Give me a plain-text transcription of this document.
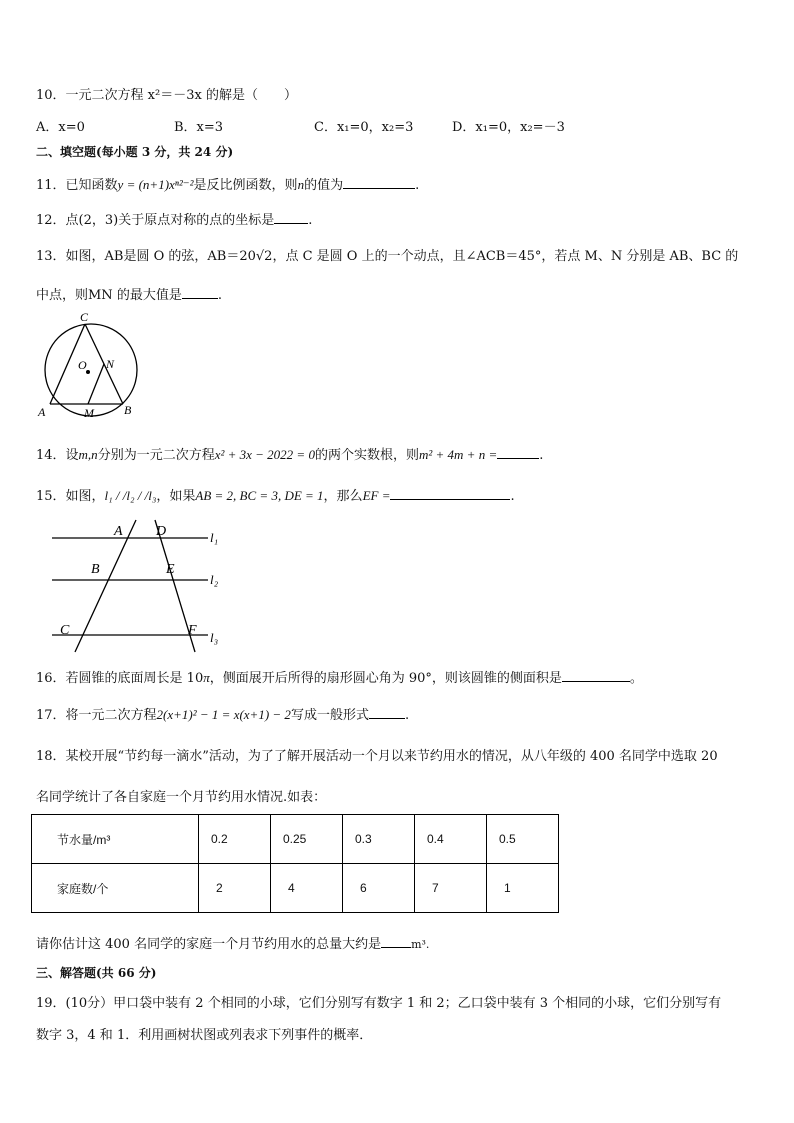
10．一元二次方程 x²＝－3x 的解是（　　）
A．x=0	B．x=3	C．x₁=0，x₂=3	D．x₁=0，x₂=－3
二、填空题(每小题 3 分，共 24 分)
11．已知函数y = (n+1)xⁿ²⁻²是反比例函数，则n的值为	.
12．点(2，3)关于原点对称的点的坐标是	.
13．如图，AB是圆 O 的弦，AB＝20√2，点 C 是圆 O 上的一个动点，且∠ACB＝45°，若点 M、N 分别是 AB、BC 的
中点，则MN 的最大值是	.
C
O N
A	M	B
14．设m,n分别为一元二次方程x² + 3x − 2022 = 0的两个实数根，则m² + 4m + n =	.
15．如图，l₁ / /l₂ / /l₃，如果AB = 2, BC = 3, DE = 1，那么EF =	.
A D	l₁
B	E
l₂
C	F l₃
16．若圆锥的底面周长是 10π，侧面展开后所得的扇形圆心角为 90°，则该圆锥的侧面积是	。
17．将一元二次方程2(x+1)² − 1 = x(x+1) − 2写成一般形式	.
18．某校开展“节约每一滴水”活动，为了了解开展活动一个月以来节约用水的情况，从八年级的 400 名同学中选取 20
名同学统计了各自家庭一个月节约用水情况.如表：
节水量/m³	0.2	0.25	0.3	0.4	0.5
家庭数/个	2	4	6	7	1
请你估计这 400 名同学的家庭一个月节约用水的总量大约是	m³.
三、解答题(共 66 分)
19．(10分）甲口袋中装有 2 个相同的小球，它们分别写有数字 1 和 2；乙口袋中装有 3 个相同的小球，它们分别写有
数字 3，4 和 1．利用画树状图或列表求下列事件的概率．
